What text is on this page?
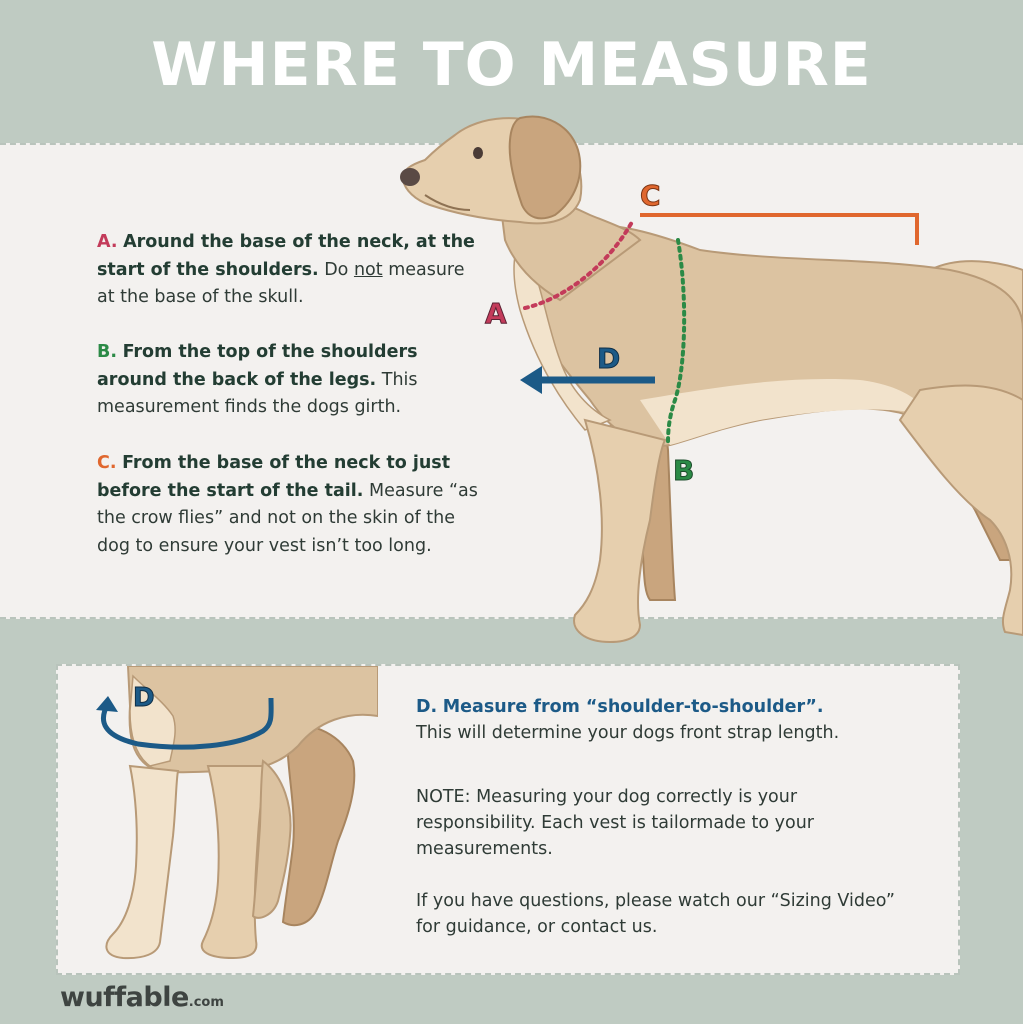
WHERE TO MEASURE
A
B
C
D
A. Around the base of the neck, at the start of the shoulders. Do not measure at the base of the skull.
B. From the top of the shoulders around the back of the legs. This measurement finds the dogs girth.
C. From the base of the neck to just before the start of the tail. Measure “as the crow flies” and not on the skin of the dog to ensure your vest isn’t too long.
D	D. Measure from “shoulder-to-shoulder”.
This will determine your dogs front strap length.
NOTE: Measuring your dog correctly is your responsibility. Each vest is tailormade to your measurements.
If you have questions, please watch our “Sizing Video” for guidance, or contact us.
wuffable.com
